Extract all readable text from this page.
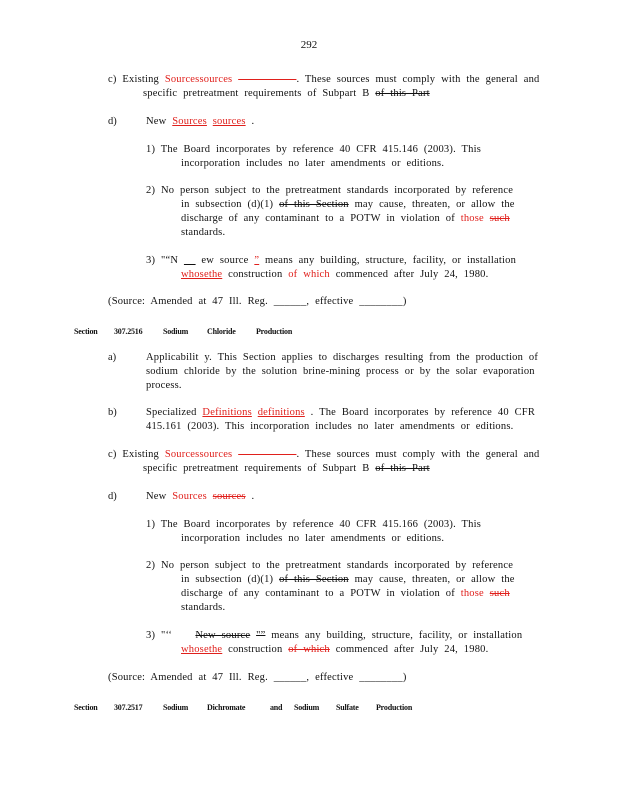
292
c) Existing Sourcessources	. These sources must comply with the general and
specific pretreatment requirements of Subpart B of this Part
d)	New Sources sources .
1) The Board incorporates by reference 40 CFR 415.146 (2003). This
incorporation includes no later amendments or editions.
2) No person subject to the pretreatment standards incorporated by reference
in subsection (d)(1) of this Section may cause, threaten, or allow the
discharge of any contaminant to a POTW in violation of those such
standards.
3) "“N ew source ” means any building, structure, facility, or installation
whosethe construction of which commenced after July 24, 1980.
(Source: Amended at 47 Ill. Reg. ______, effective ________)
Section 307.2516	Sodium Chloride	Production
a)	Applicabilit y. This Section applies to discharges resulting from the production of
sodium chloride by the solution brine-mining process or by the solar evaporation
process.
b)	Specialized Definitions definitions . The Board incorporates by reference 40 CFR
415.161 (2003). This incorporation includes no later amendments or editions.
c) Existing Sourcessources	. These sources must comply with the general and
specific pretreatment requirements of Subpart B of this Part
d)	New Sources sources .
1) The Board incorporates by reference 40 CFR 415.166 (2003). This
incorporation includes no later amendments or editions.
2) No person subject to the pretreatment standards incorporated by reference
in subsection (d)(1) of this Section may cause, threaten, or allow the
discharge of any contaminant to a POTW in violation of those such
standards.
3) "‘‘ New source "” means any building, structure, facility, or installation
whosethe construction of which commenced after July 24, 1980.
(Source: Amended at 47 Ill. Reg. ______, effective ________)
Section 307.2517	Sodium Dichromate	and Sodium Sulfate Production
